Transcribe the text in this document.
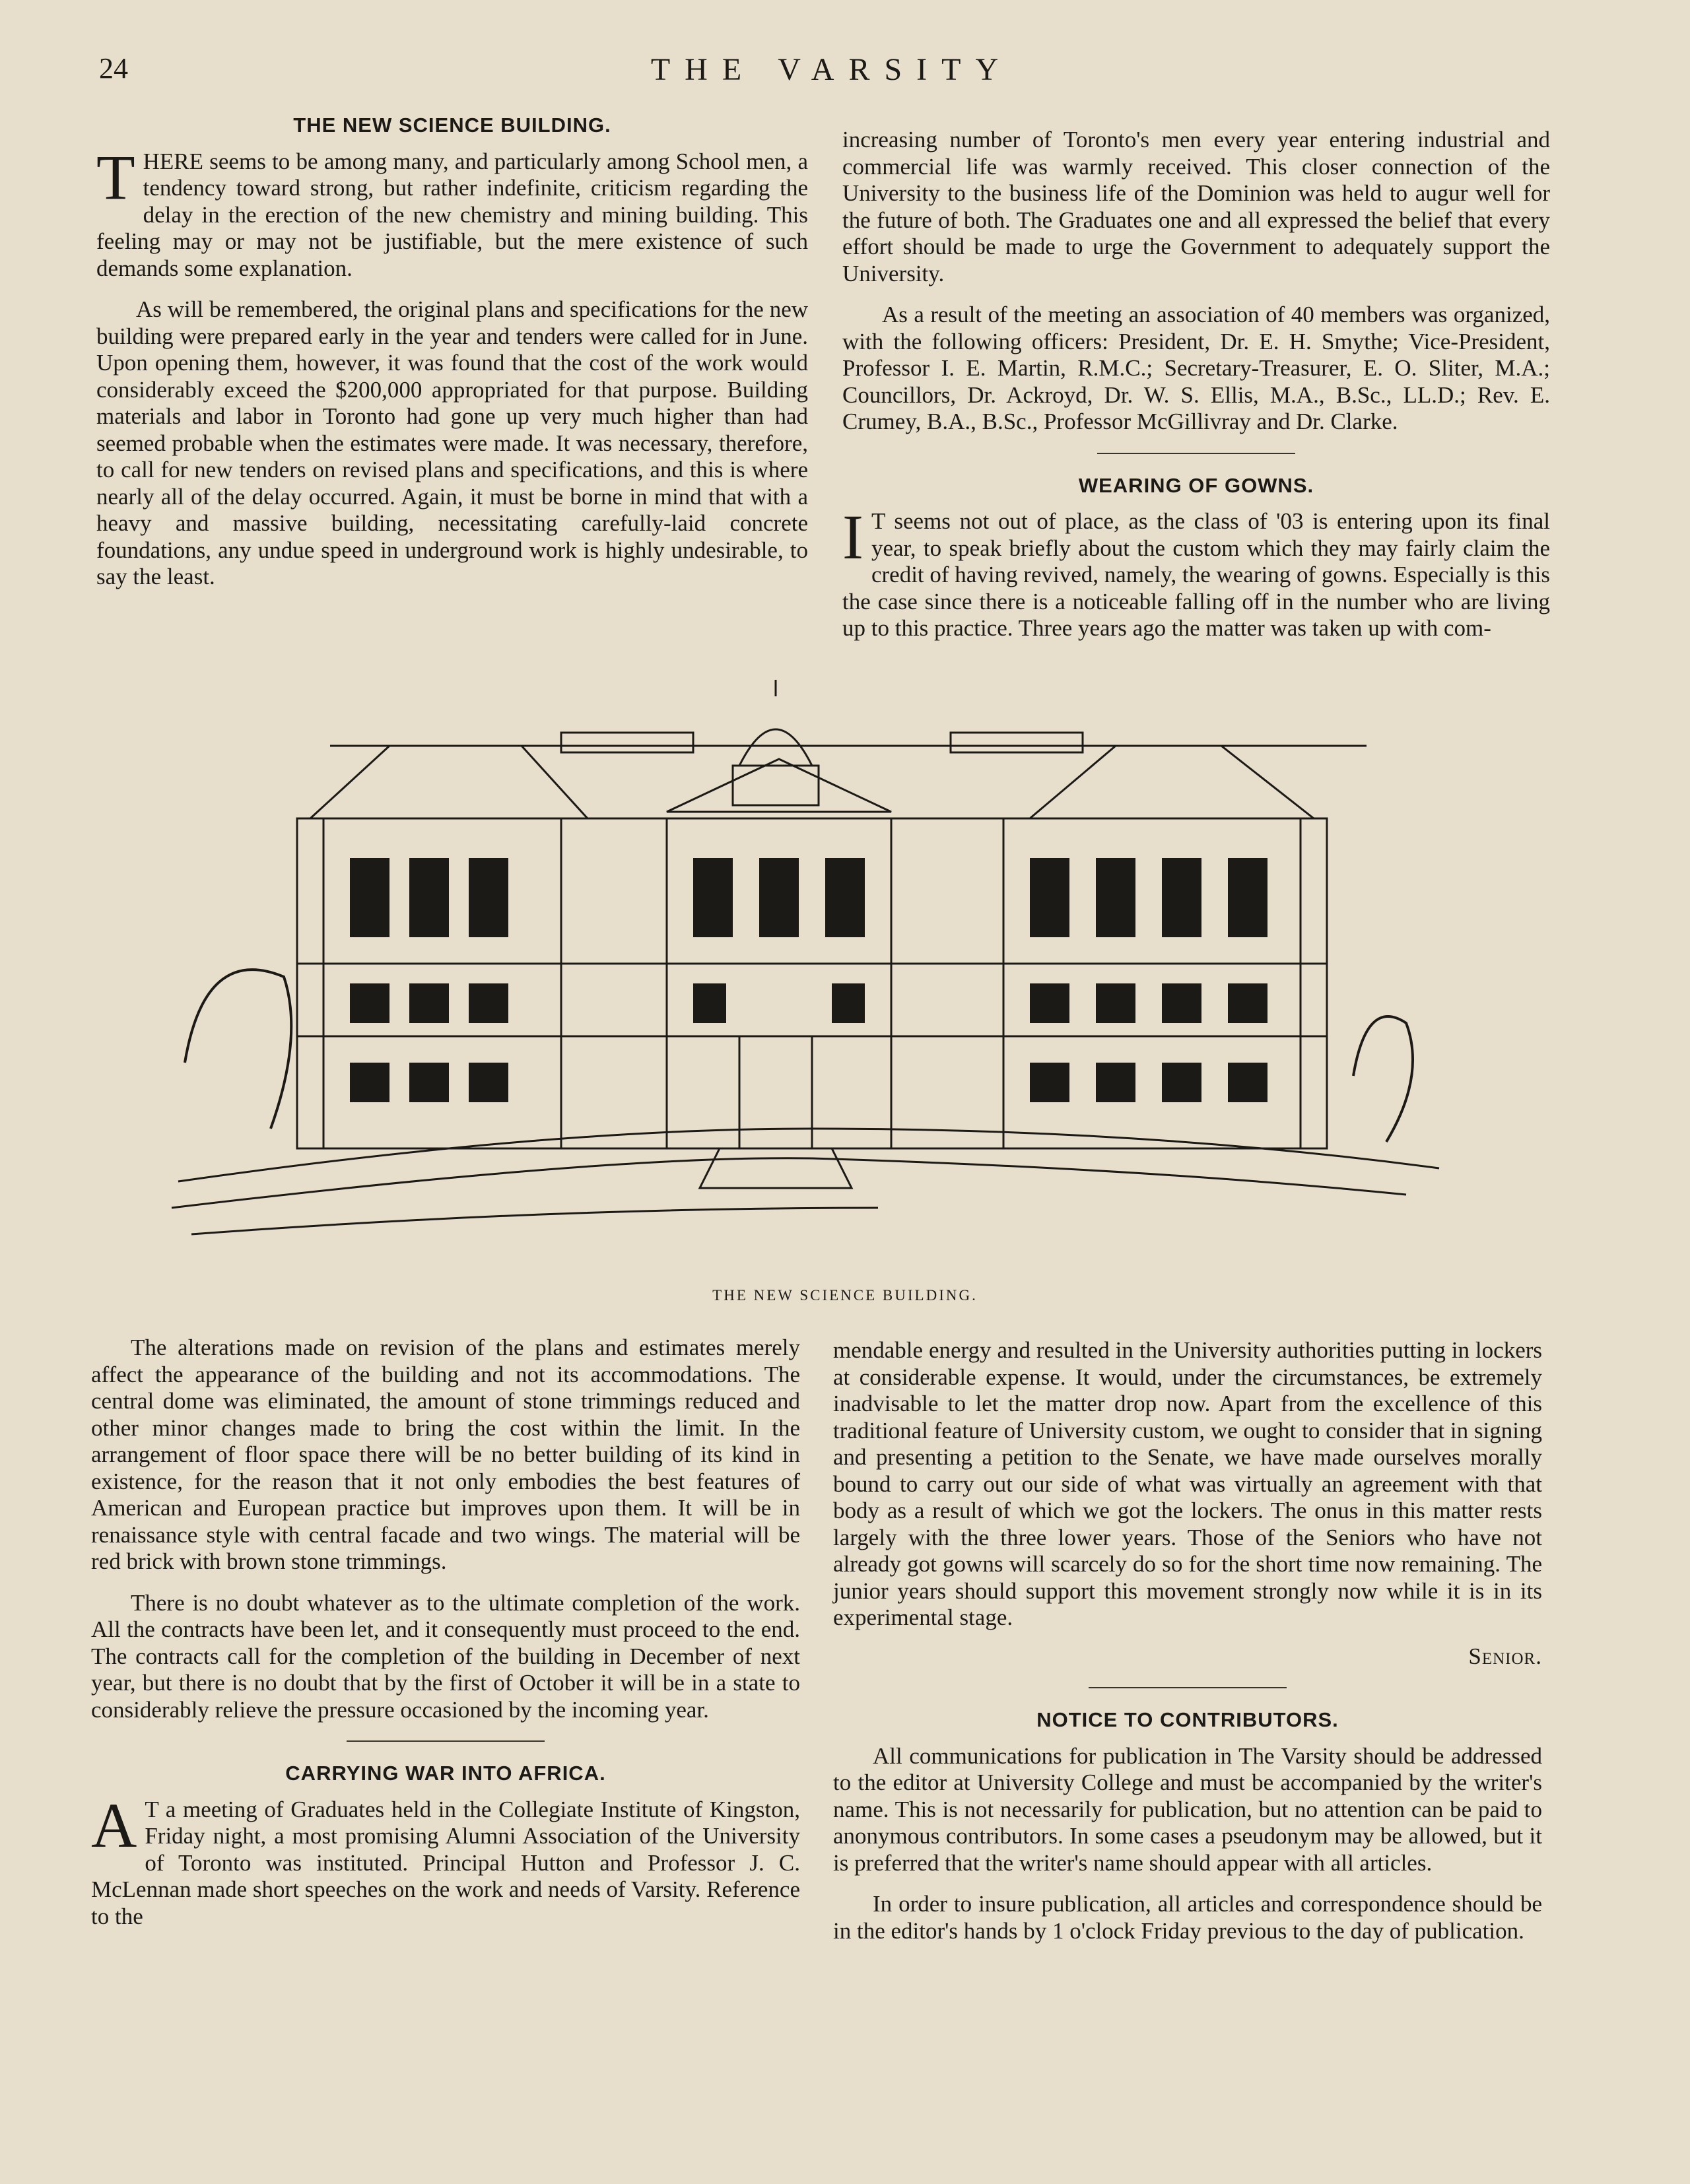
24	THE VARSITY
THE NEW SCIENCE BUILDING.

THERE seems to be among many, and particularly among School men, a tendency toward strong, but rather indefinite, criticism regarding the delay in the erection of the new chemistry and mining building. This feeling may or may not be justifiable, but the mere existence of such demands some explanation.

As will be remembered, the original plans and specifications for the new building were prepared early in the year and tenders were called for in June. Upon opening them, however, it was found that the cost of the work would considerably exceed the $200,000 appropriated for that purpose. Building materials and labor in Toronto had gone up very much higher than had seemed probable when the estimates were made. It was necessary, therefore, to call for new tenders on revised plans and specifications, and this is where nearly all of the delay occurred. Again, it must be borne in mind that with a heavy and massive building, necessitating carefully-laid concrete foundations, any undue speed in underground work is highly undesirable, to say the least.

increasing number of Toronto's men every year entering industrial and commercial life was warmly received. This closer connection of the University to the business life of the Dominion was held to augur well for the future of both. The Graduates one and all expressed the belief that every effort should be made to urge the Government to adequately support the University.

As a result of the meeting an association of 40 members was organized, with the following officers: President, Dr. E. H. Smythe; Vice-President, Professor I. E. Martin, R.M.C.; Secretary-Treasurer, E. O. Sliter, M.A.; Councillors, Dr. Ackroyd, Dr. W. S. Ellis, M.A., B.Sc., LL.D.; Rev. E. Crumey, B.A., B.Sc., Professor McGillivray and Dr. Clarke.

WEARING OF GOWNS.

I T seems not out of place, as the class of '03 is entering upon its final year, to speak briefly about the custom which they may fairly claim the credit of having revived, namely, the wearing of gowns. Especially is this the case since there is a noticeable falling off in the number who are living up to this practice. Three years ago the matter was taken up with com-

THE NEW SCIENCE BUILDING.

The alterations made on revision of the plans and estimates merely affect the appearance of the building and not its accommodations. The central dome was eliminated, the amount of stone trimmings reduced and other minor changes made to bring the cost within the limit. In the arrangement of floor space there will be no better building of its kind in existence, for the reason that it not only embodies the best features of American and European practice but improves upon them. It will be in renaissance style with central facade and two wings. The material will be red brick with brown stone trimmings.

There is no doubt whatever as to the ultimate completion of the work. All the contracts have been let, and it consequently must proceed to the end. The contracts call for the completion of the building in December of next year, but there is no doubt that by the first of October it will be in a state to considerably relieve the pressure occasioned by the incoming year.

CARRYING WAR INTO AFRICA.

A T a meeting of Graduates held in the Collegiate Institute of Kingston, Friday night, a most promising Alumni Association of the University of Toronto was instituted. Principal Hutton and Professor J. C. McLennan made short speeches on the work and needs of Varsity. Reference to the

mendable energy and resulted in the University authorities putting in lockers at considerable expense. It would, under the circumstances, be extremely inadvisable to let the matter drop now. Apart from the excellence of this traditional feature of University custom, we ought to consider that in signing and presenting a petition to the Senate, we have made ourselves morally bound to carry out our side of what was virtually an agreement with that body as a result of which we got the lockers. The onus in this matter rests largely with the three lower years. Those of the Seniors who have not already got gowns will scarcely do so for the short time now remaining. The junior years should support this movement strongly now while it is in its experimental stage.

Senior.
NOTICE TO CONTRIBUTORS.

All communications for publication in The Varsity should be addressed to the editor at University College and must be accompanied by the writer's name. This is not necessarily for publication, but no attention can be paid to anonymous contributors. In some cases a pseudonym may be allowed, but it is preferred that the writer's name should appear with all articles.

In order to insure publication, all articles and correspondence should be in the editor's hands by 1 o'clock Friday previous to the day of publication.
